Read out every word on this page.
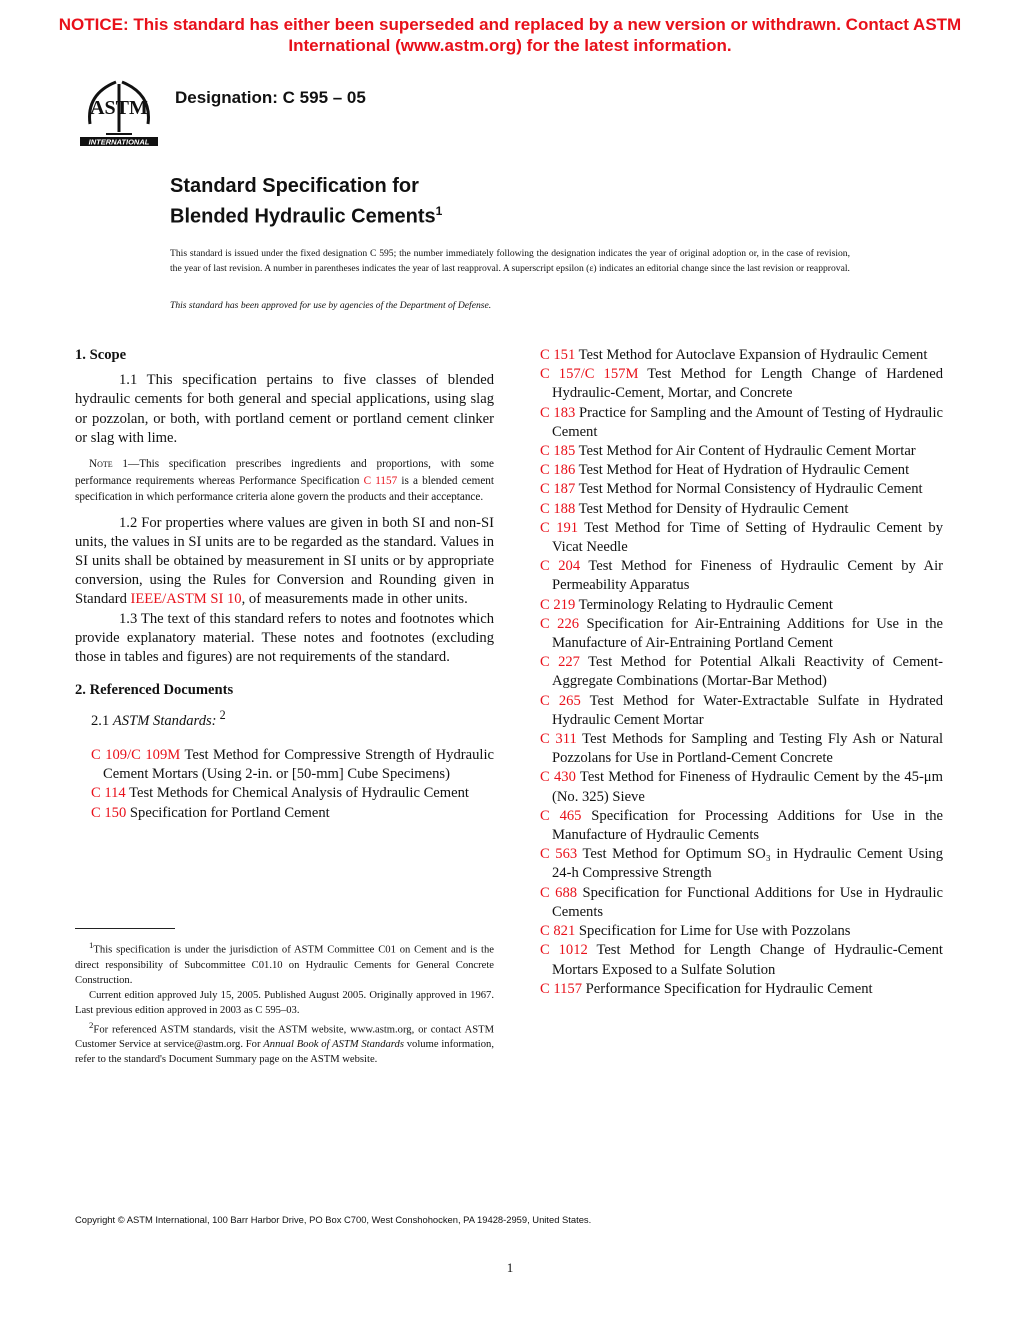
NOTICE: This standard has either been superseded and replaced by a new version or withdrawn. Contact ASTM
International (www.astm.org) for the latest information.
ASTM
INTERNATIONAL
Designation: C 595 – 05
Standard Specification for
Blended Hydraulic Cements$^1$
This standard is issued under the fixed designation C 595; the number immediately following the designation indicates the year of original adoption or, in the case of revision, the year of last revision. A number in parentheses indicates the year of last reapproval. A superscript epsilon (ε) indicates an editorial change since the last revision or reapproval.
This standard has been approved for use by agencies of the Department of Defense.

1. Scope

1.1 This specification pertains to five classes of blended hydraulic cements for both general and special applications, using slag or pozzolan, or both, with portland cement or portland cement clinker or slag with lime.

Note 1—This specification prescribes ingredients and proportions, with some performance requirements whereas Performance Specification C 1157 is a blended cement specification in which performance criteria alone govern the products and their acceptance.

1.2 For properties where values are given in both SI and non-SI units, the values in SI units are to be regarded as the standard. Values in SI units shall be obtained by measurement in SI units or by appropriate conversion, using the Rules for Conversion and Rounding given in Standard IEEE/ASTM SI 10, of measurements made in other units.

1.3 The text of this standard refers to notes and footnotes which provide explanatory material. These notes and footnotes (excluding those in tables and figures) are not requirements of the standard.

2. Referenced Documents

2.1 ASTM Standards: $^2$

C 109/C 109M Test Method for Compressive Strength of Hydraulic Cement Mortars (Using 2-in. or [50-mm] Cube Specimens)

C 114 Test Methods for Chemical Analysis of Hydraulic Cement

C 150 Specification for Portland Cement

C 151 Test Method for Autoclave Expansion of Hydraulic Cement

C 157/C 157M Test Method for Length Change of Hardened Hydraulic-Cement, Mortar, and Concrete

C 183 Practice for Sampling and the Amount of Testing of Hydraulic Cement

C 185 Test Method for Air Content of Hydraulic Cement Mortar

C 186 Test Method for Heat of Hydration of Hydraulic Cement

C 187 Test Method for Normal Consistency of Hydraulic Cement

C 188 Test Method for Density of Hydraulic Cement

C 191 Test Method for Time of Setting of Hydraulic Cement by Vicat Needle

C 204 Test Method for Fineness of Hydraulic Cement by Air Permeability Apparatus

C 219 Terminology Relating to Hydraulic Cement

C 226 Specification for Air-Entraining Additions for Use in the Manufacture of Air-Entraining Portland Cement

C 227 Test Method for Potential Alkali Reactivity of Cement-Aggregate Combinations (Mortar-Bar Method)

C 265 Test Method for Water-Extractable Sulfate in Hydrated Hydraulic Cement Mortar

C 311 Test Methods for Sampling and Testing Fly Ash or Natural Pozzolans for Use in Portland-Cement Concrete

C 430 Test Method for Fineness of Hydraulic Cement by the 45-μm (No. 325) Sieve

C 465 Specification for Processing Additions for Use in the Manufacture of Hydraulic Cements

C 563 Test Method for Optimum SO₃ in Hydraulic Cement Using 24-h Compressive Strength

C 688 Specification for Functional Additions for Use in Hydraulic Cements

C 821 Specification for Lime for Use with Pozzolans

C 1012 Test Method for Length Change of Hydraulic-Cement Mortars Exposed to a Sulfate Solution

C 1157 Performance Specification for Hydraulic Cement

$^1$This specification is under the jurisdiction of ASTM Committee C01 on Cement and is the direct responsibility of Subcommittee C01.10 on Hydraulic Cements for General Concrete Construction.

Current edition approved July 15, 2005. Published August 2005. Originally approved in 1967. Last previous edition approved in 2003 as C 595–03.

$^2$For referenced ASTM standards, visit the ASTM website, www.astm.org, or contact ASTM Customer Service at service@astm.org. For Annual Book of ASTM Standards volume information, refer to the standard's Document Summary page on the ASTM website.

Copyright © ASTM International, 100 Barr Harbor Drive, PO Box C700, West Conshohocken, PA 19428-2959, United States.
1
